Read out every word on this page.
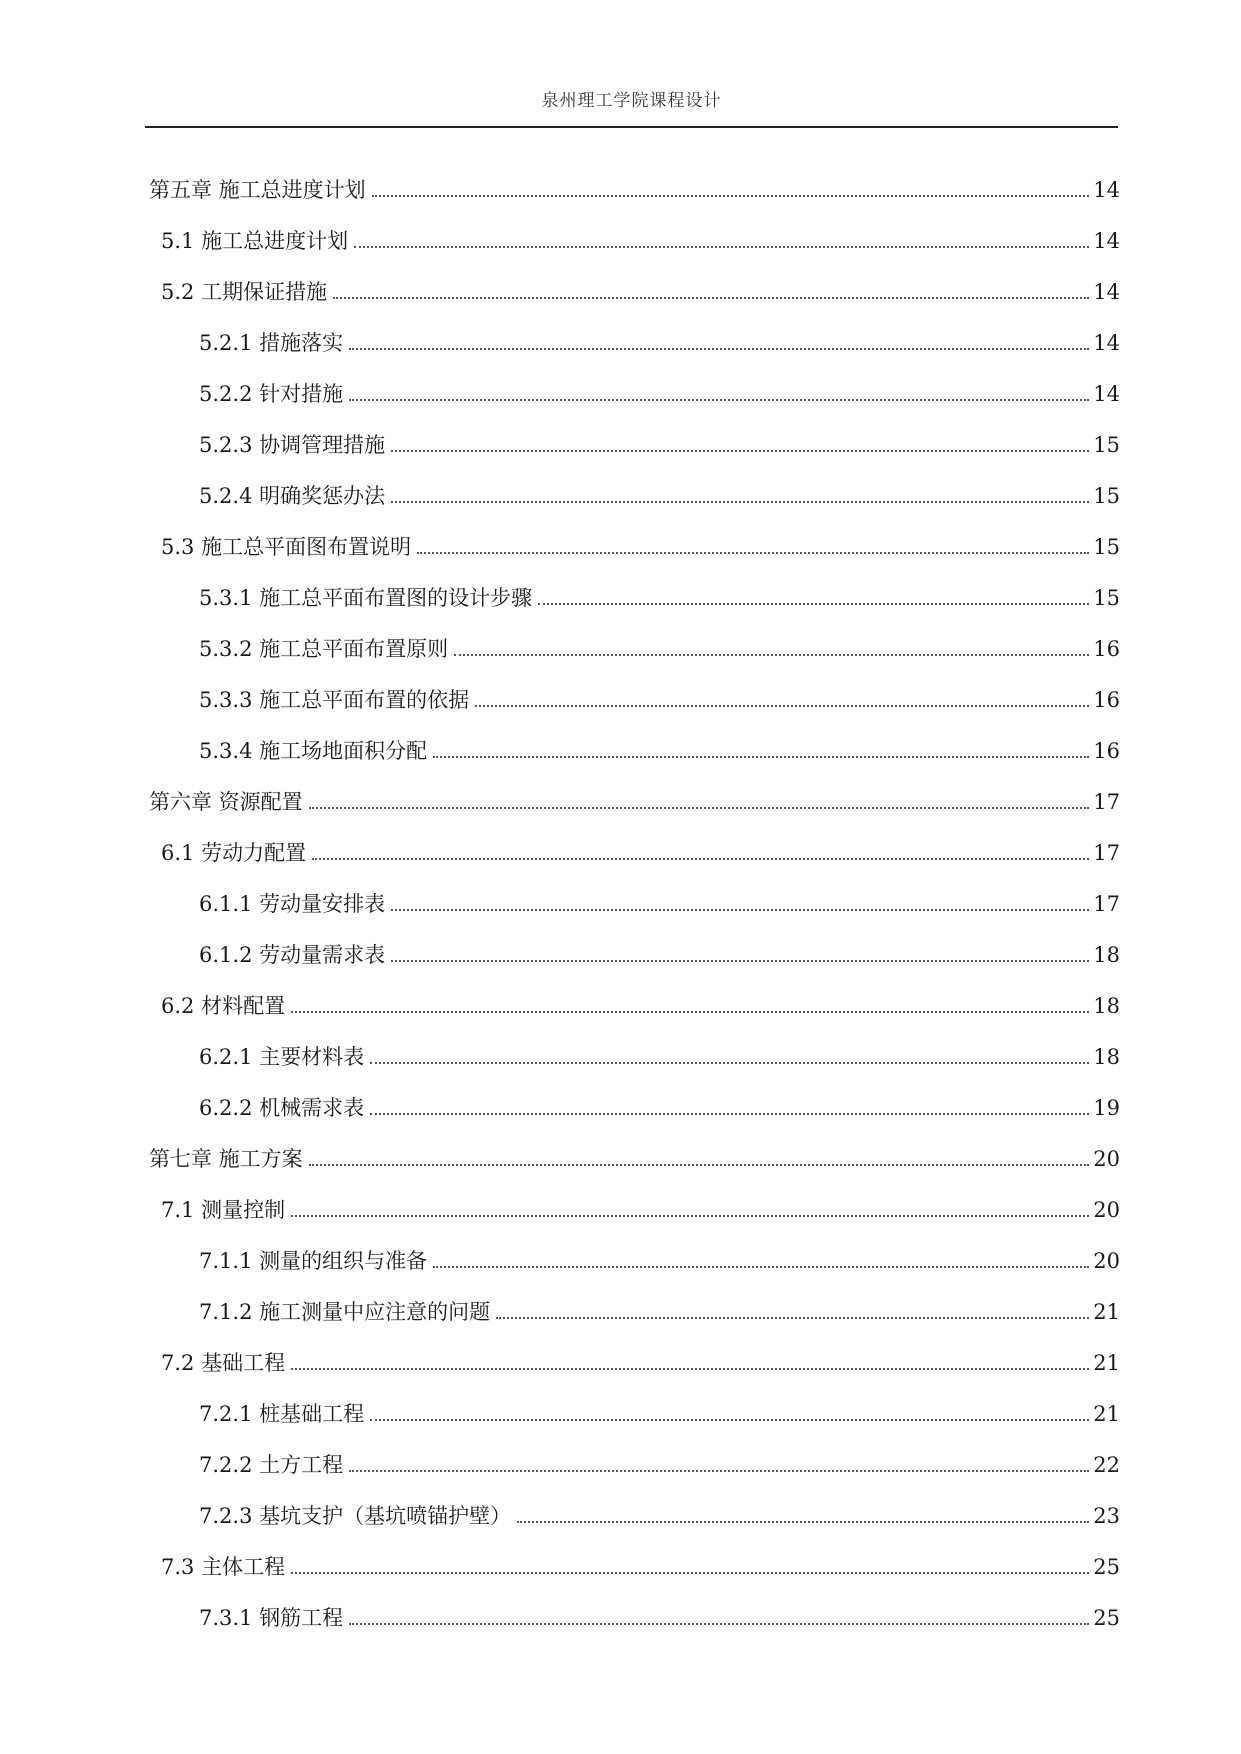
泉州理工学院课程设计
第五章 施工总进度计划	14
5.1 施工总进度计划	14
5.2 工期保证措施	14
5.2.1 措施落实	14
5.2.2 针对措施	14
5.2.3 协调管理措施	15
5.2.4 明确奖惩办法	15
5.3 施工总平面图布置说明	15
5.3.1 施工总平面布置图的设计步骤	15
5.3.2 施工总平面布置原则	16
5.3.3 施工总平面布置的依据	16
5.3.4 施工场地面积分配	16
第六章 资源配置	17
6.1 劳动力配置	17
6.1.1 劳动量安排表	17
6.1.2 劳动量需求表	18
6.2 材料配置	18
6.2.1 主要材料表	18
6.2.2 机械需求表	19
第七章 施工方案	20
7.1 测量控制	20
7.1.1 测量的组织与准备	20
7.1.2 施工测量中应注意的问题	21
7.2 基础工程	21
7.2.1 桩基础工程	21
7.2.2 土方工程	22
7.2.3 基坑支护（基坑喷锚护壁）	23
7.3 主体工程	25
7.3.1 钢筋工程	25
